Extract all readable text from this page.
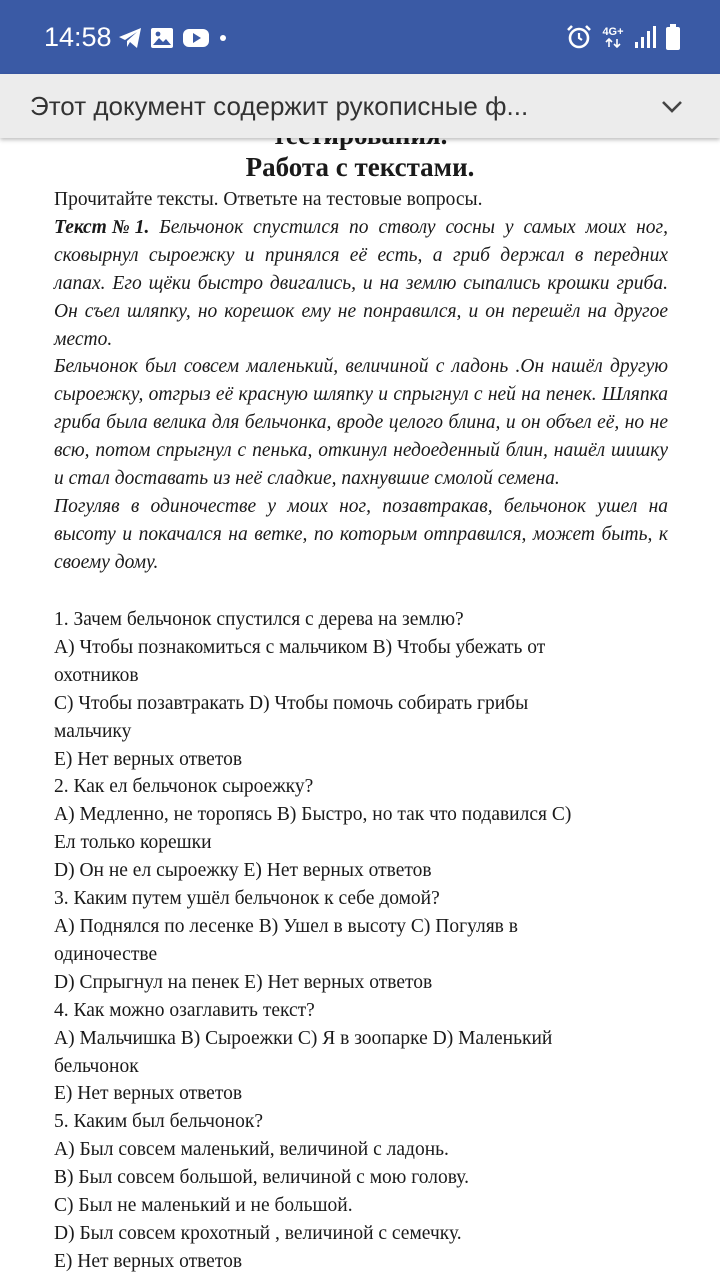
14:58	4G+
Работа с текстами.

Прочитайте тексты. Ответьте на тестовые вопросы.

Текст№1. Бельчонок спустился по стволу сосны у самых моих ног, сковырнул сыроежку и принялся её есть, а гриб держал в передних лапах. Его щёки быстро двигались, и на землю сыпались крошки гриба. Он съел шляпку, но корешок ему не понравился, и он перешёл на другое место.

Бельчонок был совсем маленький, величиной с ладонь .Он нашёл другую сыроежку, отгрыз её красную шляпку и спрыгнул с ней на пенек. Шляпка гриба была велика для бельчонка, вроде целого блина, и он объел её, но не всю, потом спрыгнул с пенька, откинул недоеденный блин, нашёл шишку и стал доставать из неё сладкие, пахнувшие смолой семена.

Погуляв в одиночестве у моих ног, позавтракав, бельчонок ушел на высоту и покачался на ветке, по которым отправился, может быть, к своему дому.

1. Зачем бельчонок спустился с дерева на землю?

A) Чтобы познакомиться с мальчиком B) Чтобы убежать от

охотников

C) Чтобы позавтракать D) Чтобы помочь собирать грибы

мальчику

E) Нет верных ответов

2. Как ел бельчонок сыроежку?

A) Медленно, не торопясь B) Быстро, но так что подавился C)

Ел только корешки

D) Он не ел сыроежку E) Нет верных ответов

3. Каким путем ушёл бельчонок к себе домой?

A) Поднялся по лесенке B) Ушел в высоту C) Погуляв в

одиночестве

D) Спрыгнул на пенек E) Нет верных ответов

4. Как можно озаглавить текст?

A) Мальчишка B) Сыроежки C) Я в зоопарке D) Маленький

бельчонок

E) Нет верных ответов

5. Каким был бельчонок?

A) Был совсем маленький, величиной с ладонь.

B) Был совсем большой, величиной с мою голову.

C) Был не маленький и не большой.

D) Был совсем крохотный , величиной с семечку.

E) Нет верных ответов

Этот документ содержит рукописные ф...
